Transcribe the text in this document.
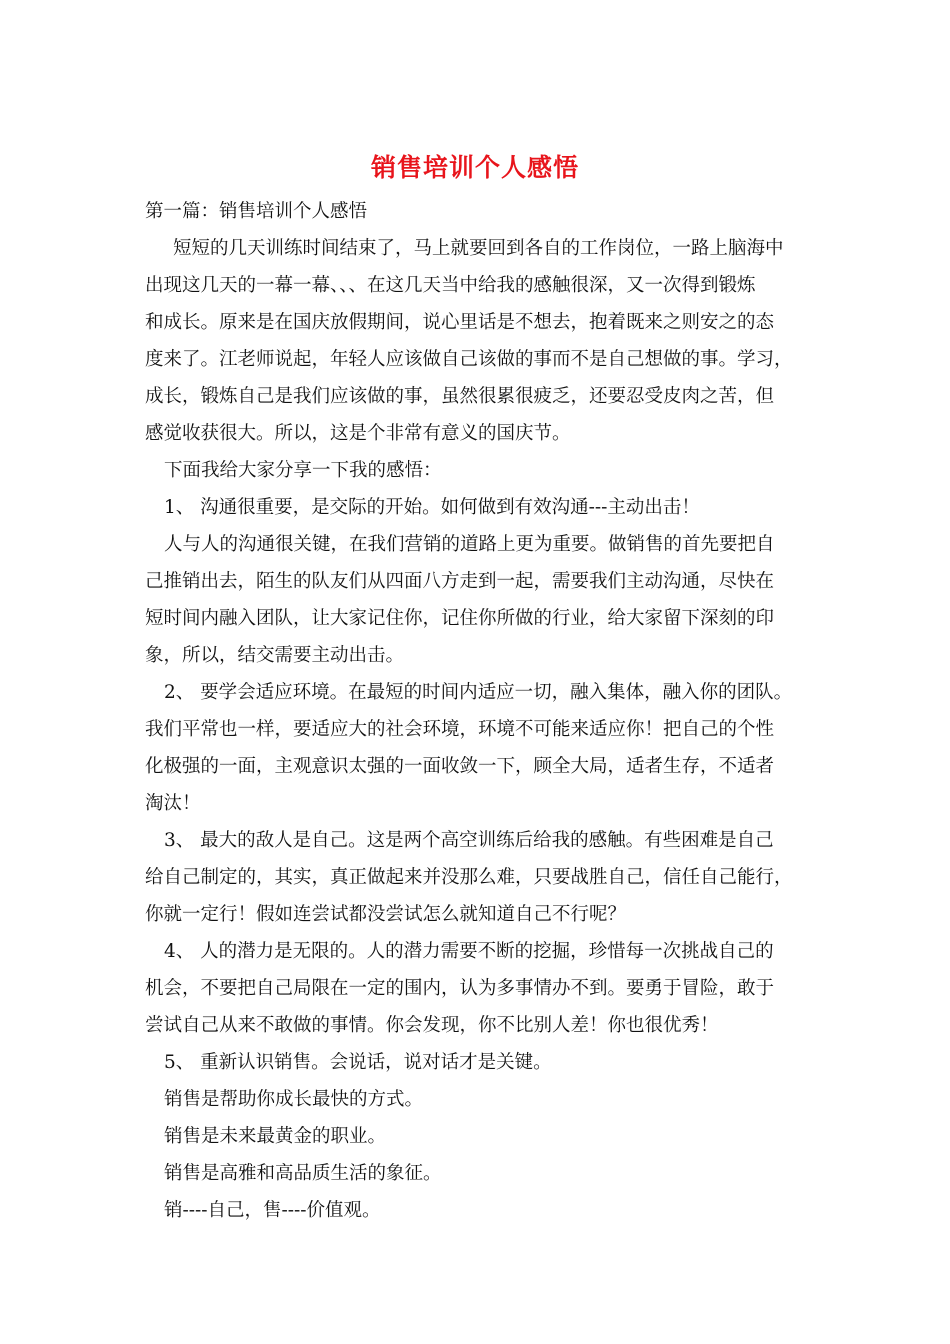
销售培训个人感悟
第一篇：销售培训个人感悟
短短的几天训练时间结束了，马上就要回到各自的工作岗位，一路上脑海中
出现这几天的一幕一幕、、、在这几天当中给我的感触很深，又一次得到锻炼
和成长。原来是在国庆放假期间，说心里话是不想去，抱着既来之则安之的态
度来了。江老师说起，年轻人应该做自己该做的事而不是自己想做的事。学习，
成长，锻炼自己是我们应该做的事，虽然很累很疲乏，还要忍受皮肉之苦，但
感觉收获很大。所以，这是个非常有意义的国庆节。
下面我给大家分享一下我的感悟：
1、 沟通很重要，是交际的开始。如何做到有效沟通---主动出击！
人与人的沟通很关键，在我们营销的道路上更为重要。做销售的首先要把自
己推销出去，陌生的队友们从四面八方走到一起，需要我们主动沟通，尽快在
短时间内融入团队，让大家记住你，记住你所做的行业，给大家留下深刻的印
象，所以，结交需要主动出击。
2、 要学会适应环境。在最短的时间内适应一切，融入集体，融入你的团队。
我们平常也一样，要适应大的社会环境，环境不可能来适应你！把自己的个性
化极强的一面，主观意识太强的一面收敛一下，顾全大局，适者生存，不适者
淘汰！
3、 最大的敌人是自己。这是两个高空训练后给我的感触。有些困难是自己
给自己制定的，其实，真正做起来并没那么难，只要战胜自己，信任自己能行，
你就一定行！假如连尝试都没尝试怎么就知道自己不行呢？
4、 人的潜力是无限的。人的潜力需要不断的挖掘，珍惜每一次挑战自己的
机会，不要把自己局限在一定的围内，认为多事情办不到。要勇于冒险，敢于
尝试自己从来不敢做的事情。你会发现，你不比别人差！你也很优秀！
5、 重新认识销售。会说话，说对话才是关键。
销售是帮助你成长最快的方式。
销售是未来最黄金的职业。
销售是高雅和高品质生活的象征。
销----自己，售----价值观。
